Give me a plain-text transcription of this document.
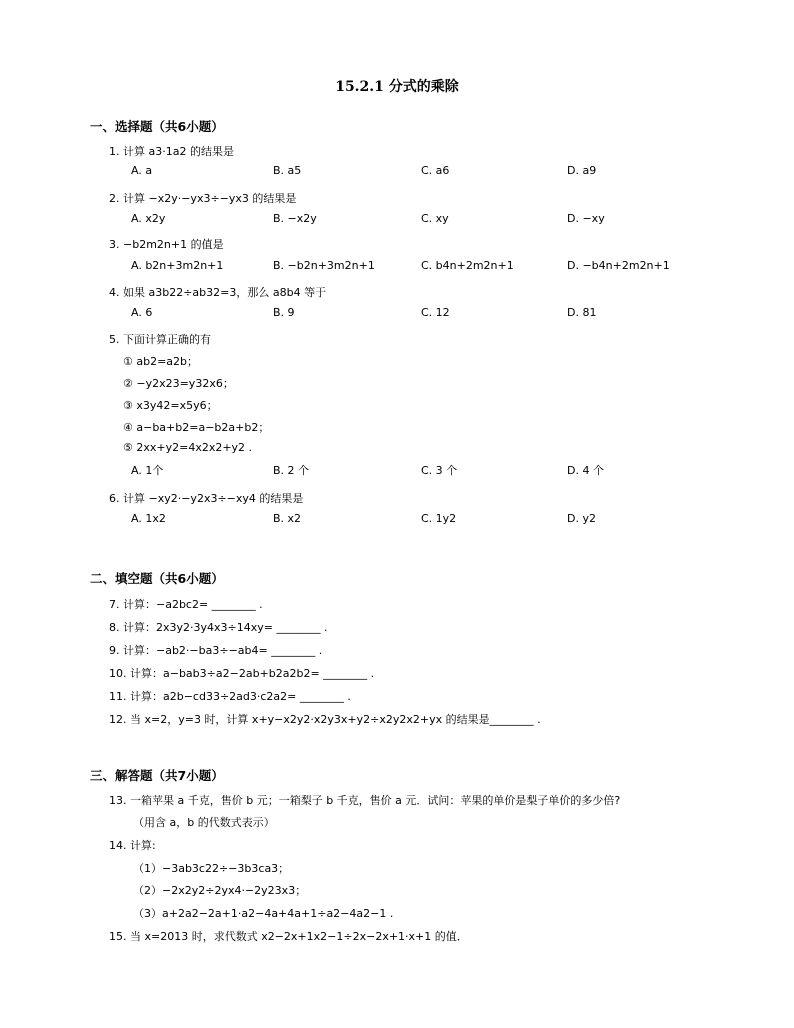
15.2.1 分式的乘除
一、选择题（共6小题）
1. 计算 a3·1a2 的结果是
A. a	B. a5	C. a6	D. a9
2. 计算 −x2y·−yx3÷−yx3 的结果是
A. x2y	B. −x2y	C. xy	D. −xy
3. −b2m2n+1 的值是
A. b2n+3m2n+1	B. −b2n+3m2n+1	C. b4n+2m2n+1	D. −b4n+2m2n+1
4. 如果 a3b22÷ab32=3，那么 a8b4 等于
A. 6	B. 9	C. 12	D. 81
5. 下面计算正确的有
① ab2=a2b；
② −y2x23=y32x6；
③ x3y42=x5y6；
④ a−ba+b2=a−b2a+b2；
⑤ 2xx+y2=4x2x2+y2 .
A. 1个	B. 2 个	C. 3 个	D. 4 个
6. 计算 −xy2·−y2x3÷−xy4 的结果是
A. 1x2	B. x2	C. 1y2	D. y2
二、填空题（共6小题）
7. 计算：−a2bc2= ________ .
8. 计算：2x3y2·3y4x3÷14xy= ________ .
9. 计算：−ab2·−ba3÷−ab4= ________ .
10. 计算：a−bab3÷a2−2ab+b2a2b2= ________ .
11. 计算：a2b−cd33÷2ad3·c2a2= ________ .
12. 当 x=2，y=3 时，计算 x+y−x2y2·x2y3x+y2÷x2y2x2+yx 的结果是________ .
三、解答题（共7小题）
13. 一箱苹果 a 千克，售价 b 元；一箱梨子 b 千克，售价 a 元．试问：苹果的单价是梨子单价的多少倍?
（用含 a，b 的代数式表示）
14. 计算:
（1）−3ab3c22÷−3b3ca3；
（2）−2x2y2÷2yx4·−2y23x3；
（3）a+2a2−2a+1·a2−4a+4a+1÷a2−4a2−1 .
15. 当 x=2013 时，求代数式 x2−2x+1x2−1÷2x−2x+1·x+1 的值．
